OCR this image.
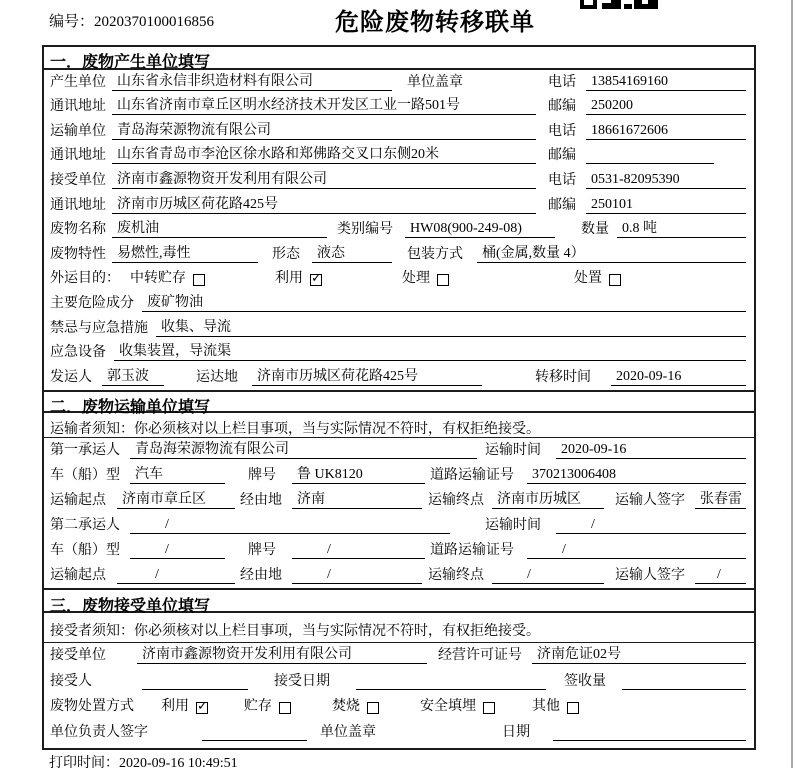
编号：2020370100016856	危险废物转移联单
一．废物产生单位填写
产生单位 山东省永信非织造材料有限公司	单位盖章	电话	13854169160
通讯地址 山东省济南市章丘区明水经济技术开发区工业一路501号	邮编	250200
运输单位 青岛海荣源物流有限公司	电话	18661672606
通讯地址 山东省青岛市李沧区徐水路和郑佛路交叉口东侧20米	邮编
接受单位 济南市鑫源物资开发利用有限公司	电话	0531-82095390
通讯地址 济南市历城区荷花路425号	邮编	250101
废物名称 废机油	类别编号	HW08(900-249-08)	数量 0.8 吨
废物特性 易燃性,毒性	形态	液态	包装方式	桶(金属,数量 4）
外运目的： 中转贮存	利用 ✓	处理	处置
主要危险成分 废矿物油
禁忌与应急措施 收集、导流
应急设备 收集装置，导流渠
发运人	郭玉波	运达地	济南市历城区荷花路425号	转移时间	2020-09-16
二．废物运输单位填写
运输者须知：你必须核对以上栏目事项，当与实际情况不符时，有权拒绝接受。
第一承运人	青岛海荣源物流有限公司	运输时间	2020-09-16
车（船）型	汽车	牌号	鲁 UK8120	道路运输证号	370213006408
运输起点	济南市章丘区	经由地	济南	运输终点 济南市历城区	运输人签字	张春雷
第二承运人	/	运输时间	/
车（船）型	/	牌号	/	道路运输证号	/
运输起点	/	经由地	/	运输终点	/	运输人签字	/
三．废物接受单位填写
接受者须知：你必须核对以上栏目事项，当与实际情况不符时，有权拒绝接受。
接受单位	济南市鑫源物资开发利用有限公司	经营许可证号	济南危证02号
接受人	接受日期	签收量
废物处置方式 利用 ✓	贮存	焚烧	安全填埋	其他
单位负责人签字	单位盖章	日期
打印时间：2020-09-16 10:49:51
